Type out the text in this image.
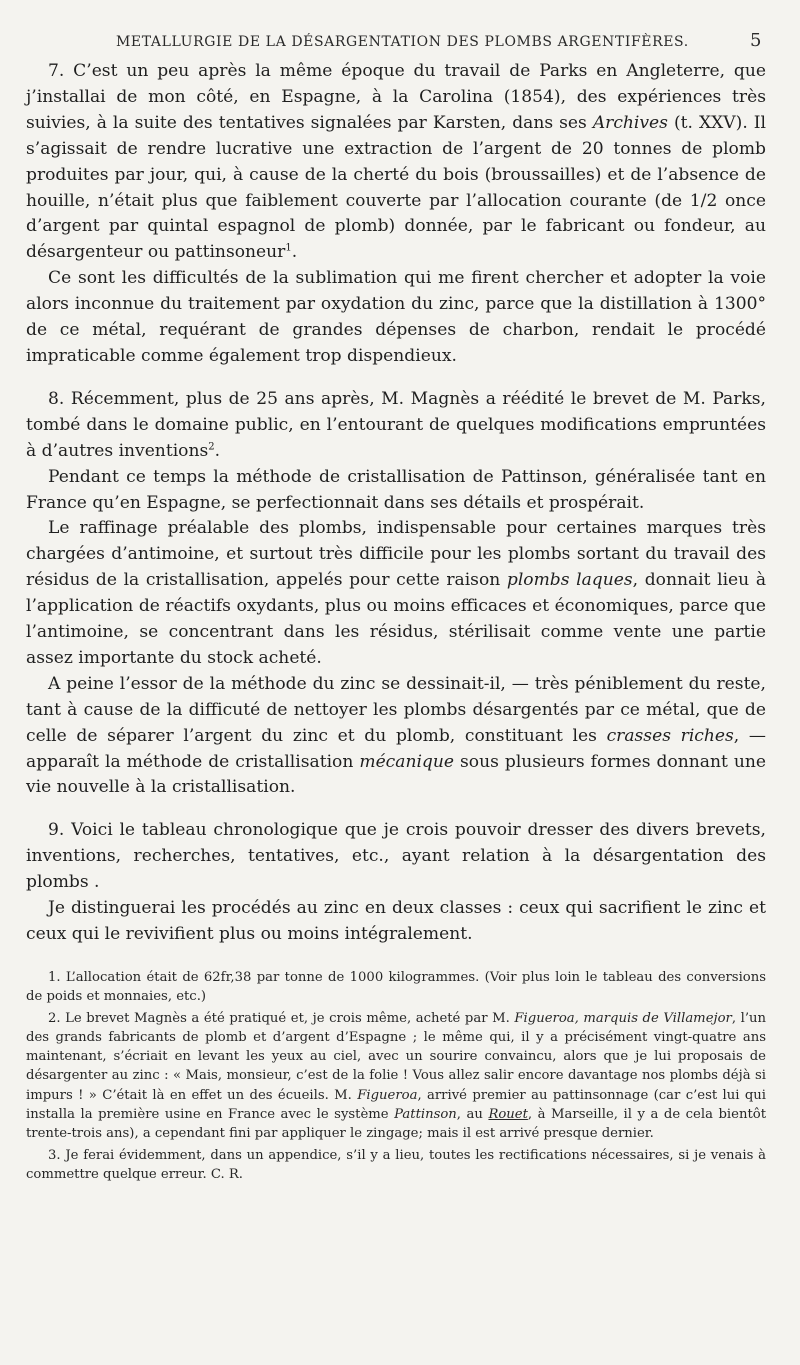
METALLURGIE DE LA DÉSARGENTATION DES PLOMBS ARGENTIFÈRES.	5

7. C’est un peu après la même époque du travail de Parks en Angleterre, que j’installai de mon côté, en Espagne, à la Carolina (1854), des expériences très suivies, à la suite des tentatives signalées par Karsten, dans ses Archives (t. XXV). Il s’agissait de rendre lucrative une extraction de l’argent de 20 tonnes de plomb produites par jour, qui, à cause de la cherté du bois (broussailles) et de l’absence de houille, n’était plus que faiblement couverte par l’allocation courante (de 1/2 once d’argent par quintal espagnol de plomb) donnée, par le fabricant ou fondeur, au désargenteur ou pattinsoneur$^1$.

Ce sont les difficultés de la sublimation qui me firent chercher et adopter la voie alors inconnue du traitement par oxydation du zinc, parce que la distillation à 1300° de ce métal, requérant de grandes dépenses de charbon, rendait le procédé impraticable comme également trop dispendieux.

8. Récemment, plus de 25 ans après, M. Magnès a réédité le brevet de M. Parks, tombé dans le domaine public, en l’entourant de quelques modifications empruntées à d’autres inventions$^2$.

Pendant ce temps la méthode de cristallisation de Pattinson, généralisée tant en France qu’en Espagne, se perfectionnait dans ses détails et prospérait.

Le raffinage préalable des plombs, indispensable pour certaines marques très chargées d’antimoine, et surtout très difficile pour les plombs sortant du travail des résidus de la cristallisation, appelés pour cette raison plombs laques, donnait lieu à l’application de réactifs oxydants, plus ou moins efficaces et économiques, parce que l’antimoine, se concentrant dans les résidus, stérilisait comme vente une partie assez importante du stock acheté.

A peine l’essor de la méthode du zinc se dessinait-il, — très péniblement du reste, tant à cause de la difficuté de nettoyer les plombs désargentés par ce métal, que de celle de séparer l’argent du zinc et du plomb, constituant les crasses riches, — apparaît la méthode de cristallisation mécanique sous plusieurs formes donnant une vie nouvelle à la cristallisation.

9. Voici le tableau chronologique que je crois pouvoir dresser des divers brevets, inventions, recherches, tentatives, etc., ayant relation à la désargentation des plombs .

Je distinguerai les procédés au zinc en deux classes : ceux qui sacrifient le zinc et ceux qui le revivifient plus ou moins intégralement.

1. L’allocation était de 62fr,38 par tonne de 1000 kilogrammes. (Voir plus loin le tableau des conversions de poids et monnaies, etc.)

2. Le brevet Magnès a été pratiqué et, je crois même, acheté par M. Figueroa, marquis de Villamejor, l’un des grands fabricants de plomb et d’argent d’Espagne ; le même qui, il y a précisément vingt-quatre ans maintenant, s’écriait en levant les yeux au ciel, avec un sourire convaincu, alors que je lui proposais de désargenter au zinc : « Mais, monsieur, c’est de la folie ! Vous allez salir encore davantage nos plombs déjà si impurs ! » C’était là en effet un des écueils. M. Figueroa, arrivé premier au pattinsonnage (car c’est lui qui installa la première usine en France avec le système Pattinson, au Rouet, à Marseille, il y a de cela bientôt trente-trois ans), a cependant fini par appliquer le zingage; mais il est arrivé presque dernier.

3. Je ferai évidemment, dans un appendice, s’il y a lieu, toutes les rectifications nécessaires, si je venais à commettre quelque erreur. C. R.
